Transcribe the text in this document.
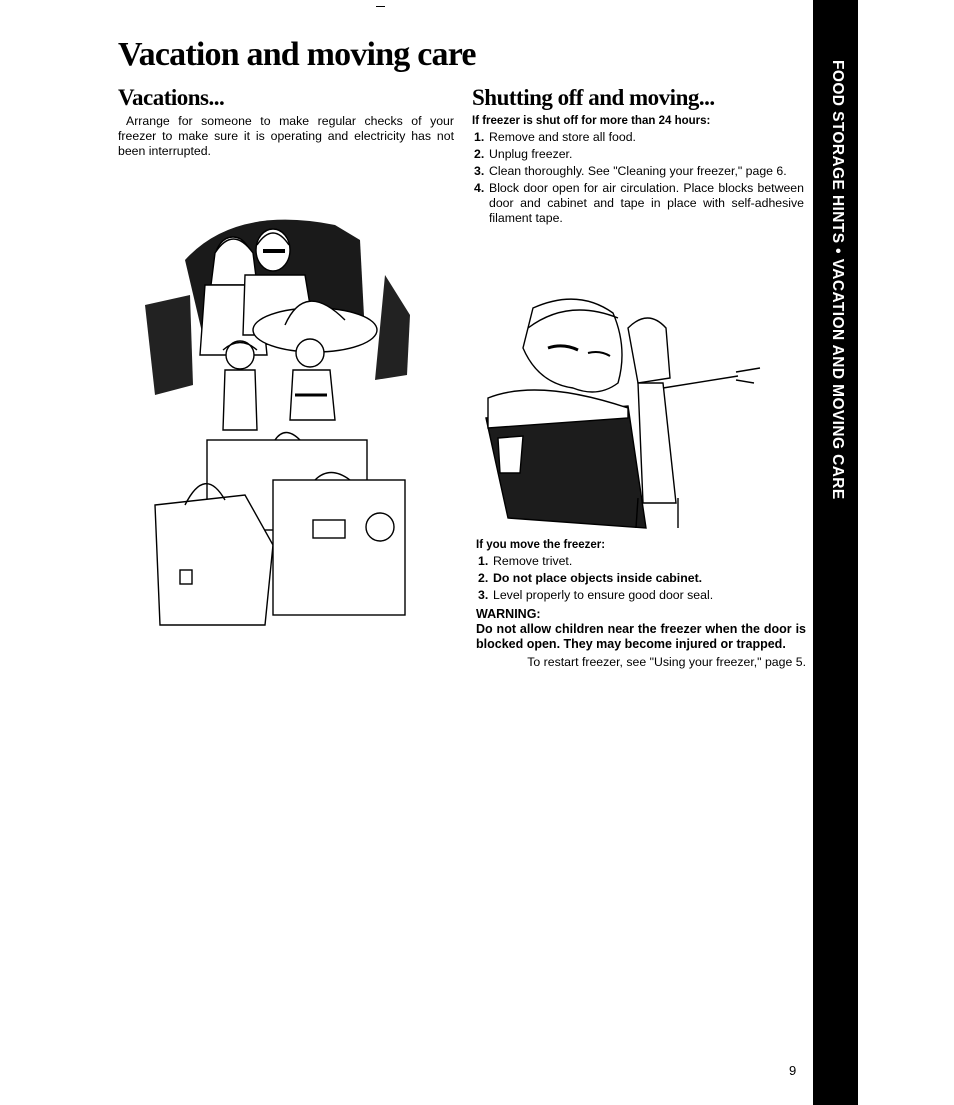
Vacation and moving care
Vacations...

Arrange for someone to make regular checks of your freezer to make sure it is operating and electricity has not been interrupted.

Shutting off and moving...

If freezer is shut off for more than 24 hours:

1. Remove and store all food.
2. Unplug freezer.
3. Clean thoroughly. See "Cleaning your freezer," page 6.
4. Block door open for air circulation. Place blocks between door and cabinet and tape in place with self-adhesive filament tape.

If you move the freezer:

1. Remove trivet.
2. Do not place objects inside cabinet.
3. Level properly to ensure good door seal.

WARNING:

Do not allow children near the freezer when the door is blocked open. They may become injured or trapped.

To restart freezer, see "Using your freezer," page 5.

FOOD STORAGE HINTS • VACATION AND MOVING CARE
9
